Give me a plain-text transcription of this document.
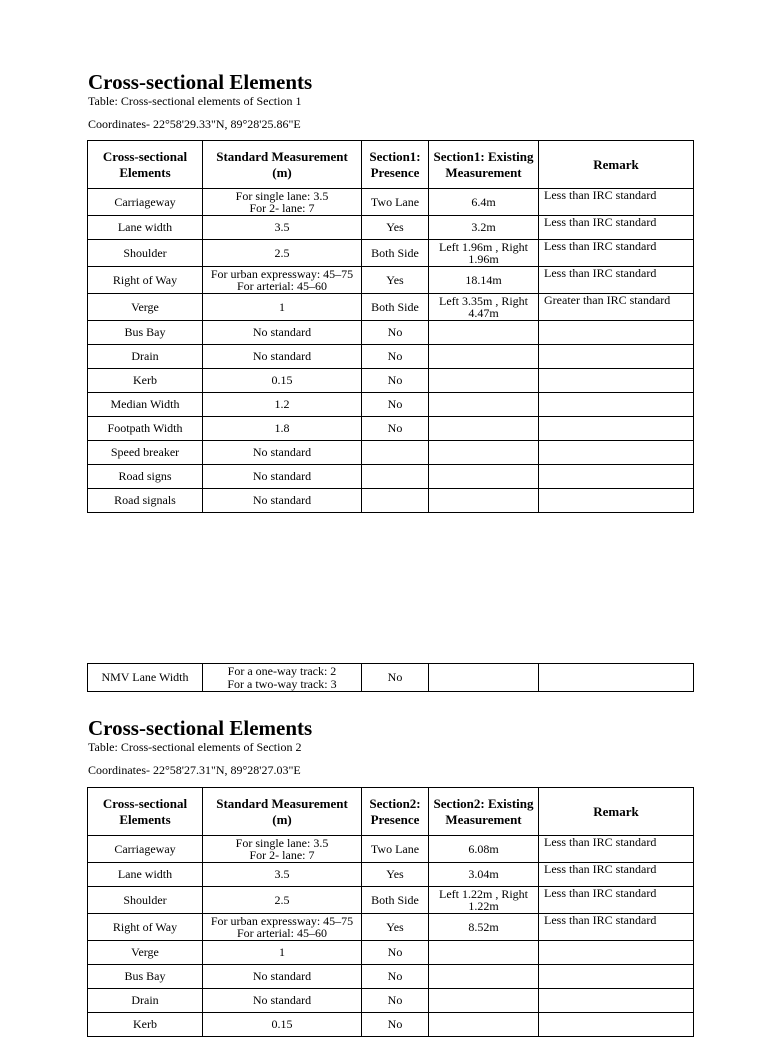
Cross-sectional Elements
Table: Cross-sectional elements of Section 1
Coordinates- 22°58'29.33"N, 89°28'25.86"E
Cross-sectional Elements	Standard Measurement (m)	Section1: Presence	Section1: Existing Measurement	Remark
Carriageway	For single lane: 3.5
For 2- lane: 7	Two Lane	6.4m	Less than IRC standard
Lane width	3.5	Yes	3.2m	Less than IRC standard
Shoulder	2.5	Both Side	Left 1.96m , Right
1.96m	Less than IRC standard
Right of Way	For urban expressway: 45–75
For arterial: 45–60	Yes	18.14m	Less than IRC standard
Verge	1	Both Side	Left 3.35m , Right
4.47m	Greater than IRC standard
Bus Bay	No standard	No		
Drain	No standard	No		
Kerb	0.15	No		
Median Width	1.2	No		
Footpath Width	1.8	No		
Speed breaker	No standard			
Road signs	No standard			
Road signals	No standard			
NMV Lane Width	For a one-way track: 2
For a two-way track: 3	No		
Cross-sectional Elements
Table: Cross-sectional elements of Section 2
Coordinates- 22°58'27.31"N, 89°28'27.03"E
Cross-sectional Elements	Standard Measurement (m)	Section2: Presence	Section2: Existing Measurement	Remark
Carriageway	For single lane: 3.5
For 2- lane: 7	Two Lane	6.08m	Less than IRC standard
Lane width	3.5	Yes	3.04m	Less than IRC standard
Shoulder	2.5	Both Side	Left 1.22m , Right
1.22m	Less than IRC standard
Right of Way	For urban expressway: 45–75
For arterial: 45–60	Yes	8.52m	Less than IRC standard
Verge	1	No		
Bus Bay	No standard	No		
Drain	No standard	No		
Kerb	0.15	No		
